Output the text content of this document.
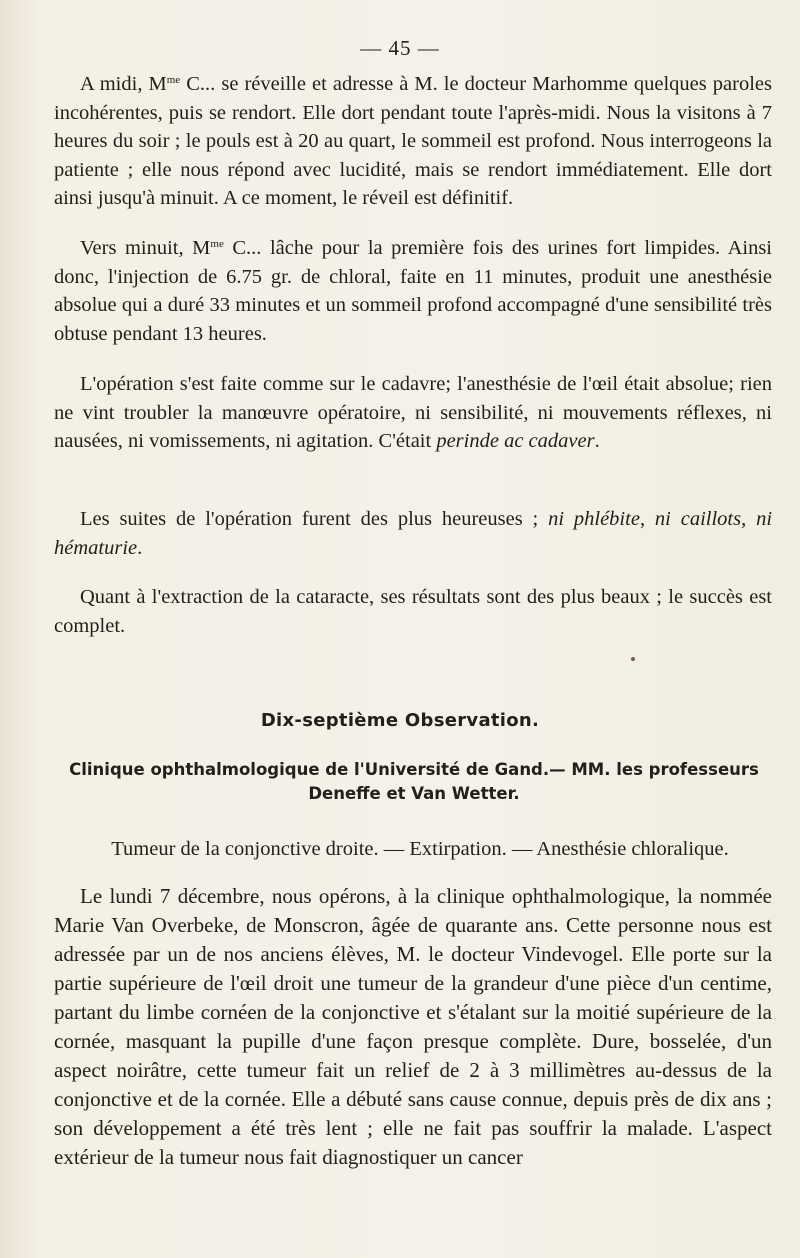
— 45 —

A midi, $M^{me}$ C... se réveille et adresse à M. le docteur Marhomme quelques paroles incohérentes, puis se rendort. Elle dort pendant toute l'après-midi. Nous la visitons à 7 heures du soir ; le pouls est à 20 au quart, le sommeil est profond. Nous interrogeons la patiente ; elle nous répond avec lucidité, mais se rendort immédiatement. Elle dort ainsi jusqu'à minuit. A ce moment, le réveil est définitif.

Vers minuit, $M^{me}$ C... lâche pour la première fois des urines fort limpides. Ainsi donc, l'injection de 6.75 gr. de chloral, faite en 11 minutes, produit une anesthésie absolue qui a duré 33 minutes et un sommeil profond accompagné d'une sensibilité très obtuse pendant 13 heures.

L'opération s'est faite comme sur le cadavre; l'anesthésie de l'œil était absolue; rien ne vint troubler la manœuvre opératoire, ni sensibilité, ni mouvements réflexes, ni nausées, ni vomissements, ni agitation. C'était perinde ac cadaver.

Les suites de l'opération furent des plus heureuses ; ni phlébite, ni caillots, ni hématurie.

Quant à l'extraction de la cataracte, ses résultats sont des plus beaux ; le succès est complet.

Dix-septième Observation.
Clinique ophthalmologique de l'Université de Gand.— MM. les professeurs Deneffe et Van Wetter.
Tumeur de la conjonctive droite. — Extirpation. — Anesthésie chloralique.

Le lundi 7 décembre, nous opérons, à la clinique ophthalmologique, la nommée Marie Van Overbeke, de Monscron, âgée de quarante ans. Cette personne nous est adressée par un de nos anciens élèves, M. le docteur Vindevogel. Elle porte sur la partie supérieure de l'œil droit une tumeur de la grandeur d'une pièce d'un centime, partant du limbe cornéen de la conjonctive et s'étalant sur la moitié supérieure de la cornée, masquant la pupille d'une façon presque complète. Dure, bosselée, d'un aspect noirâtre, cette tumeur fait un relief de 2 à 3 millimètres au-dessus de la conjonctive et de la cornée. Elle a débuté sans cause connue, depuis près de dix ans ; son développement a été très lent ; elle ne fait pas souffrir la malade. L'aspect extérieur de la tumeur nous fait diagnostiquer un cancer
